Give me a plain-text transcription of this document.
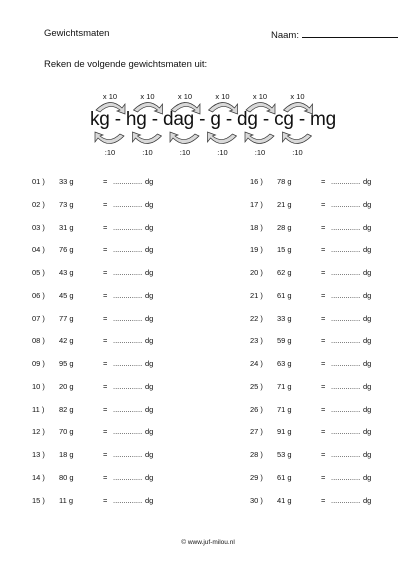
Gewichtsmaten	Naam:
Reken de volgende gewichtsmaten uit:
x 10	x 10	x 10	x 10	x 10	x 10
:10	:10	:10	:10	:10	:10
kg - hg - dag - g - dg - cg - mg
01 ) 33 g	= .............. dg
02 ) 73 g	= .............. dg
03 ) 31 g	= .............. dg
04 ) 76 g	= .............. dg
05 ) 43 g	= .............. dg
06 ) 45 g	= .............. dg
07 ) 77 g	= .............. dg
08 ) 42 g	= .............. dg
09 ) 95 g	= .............. dg
10 ) 20 g	= .............. dg
11 ) 82 g	= .............. dg
12 ) 70 g	= .............. dg
13 ) 18 g	= .............. dg
14 ) 80 g	= .............. dg
15 ) 11 g	= .............. dg
16 ) 78 g	= .............. dg
17 ) 21 g	= .............. dg
18 ) 28 g	= .............. dg
19 ) 15 g	= .............. dg
20 ) 62 g	= .............. dg
21 ) 61 g	= .............. dg
22 ) 33 g	= .............. dg
23 ) 59 g	= .............. dg
24 ) 63 g	= .............. dg
25 ) 71 g	= .............. dg
26 ) 71 g	= .............. dg
27 ) 91 g	= .............. dg
28 ) 53 g	= .............. dg
29 ) 61 g	= .............. dg
30 ) 41 g	= .............. dg
© www.juf-milou.nl
